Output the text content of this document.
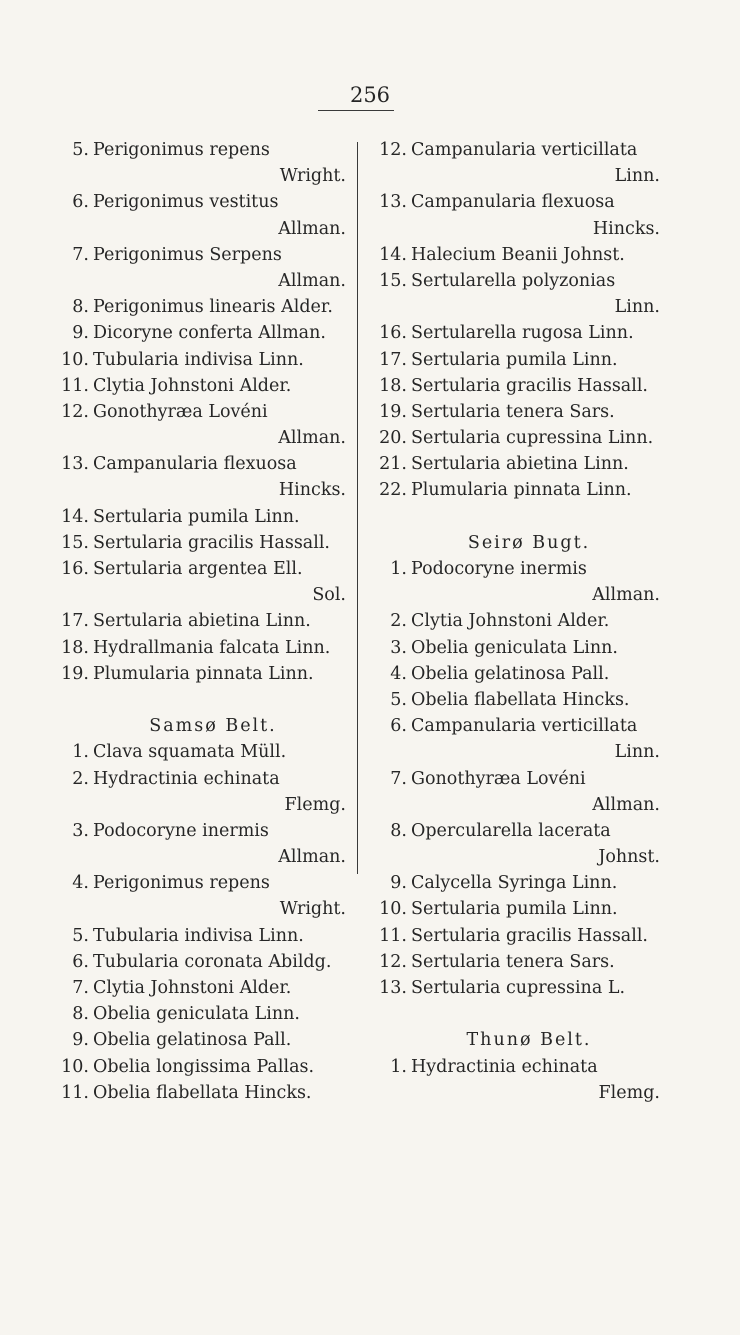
256
5. Perigonimus repens
Wright.
6. Perigonimus vestitus
Allman.
7. Perigonimus Serpens
Allman.
8. Perigonimus linearis Alder.
9. Dicoryne conferta Allman.
10. Tubularia indivisa Linn.
11. Clytia Johnstoni Alder.
12. Gonothyræa Lovéni
Allman.
13. Campanularia flexuosa
Hincks.
14. Sertularia pumila Linn.
15. Sertularia gracilis Hassall.
16. Sertularia argentea Ell.
Sol.
17. Sertularia abietina Linn.
18. Hydrallmania falcata Linn.
19. Plumularia pinnata Linn.
Samsø Belt.
1. Clava squamata Müll.
2. Hydractinia echinata
Flemg.
3. Podocoryne inermis
Allman.
4. Perigonimus repens
Wright.
5. Tubularia indivisa Linn.
6. Tubularia coronata Abildg.
7. Clytia Johnstoni Alder.
8. Obelia geniculata Linn.
9. Obelia gelatinosa Pall.
10. Obelia longissima Pallas.
11. Obelia flabellata Hincks.
12. Campanularia verticillata
Linn.
13. Campanularia flexuosa
Hincks.
14. Halecium Beanii Johnst.
15. Sertularella polyzonias
Linn.
16. Sertularella rugosa Linn.
17. Sertularia pumila Linn.
18. Sertularia gracilis Hassall.
19. Sertularia tenera Sars.
20. Sertularia cupressina Linn.
21. Sertularia abietina Linn.
22. Plumularia pinnata Linn.
Seirø Bugt.
1. Podocoryne inermis
Allman.
2. Clytia Johnstoni Alder.
3. Obelia geniculata Linn.
4. Obelia gelatinosa Pall.
5. Obelia flabellata Hincks.
6. Campanularia verticillata
Linn.
7. Gonothyræa Lovéni
Allman.
8. Opercularella lacerata
Johnst.
9. Calycella Syringa Linn.
10. Sertularia pumila Linn.
11. Sertularia gracilis Hassall.
12. Sertularia tenera Sars.
13. Sertularia cupressina L.
Thunø Belt.
1. Hydractinia echinata
Flemg.
